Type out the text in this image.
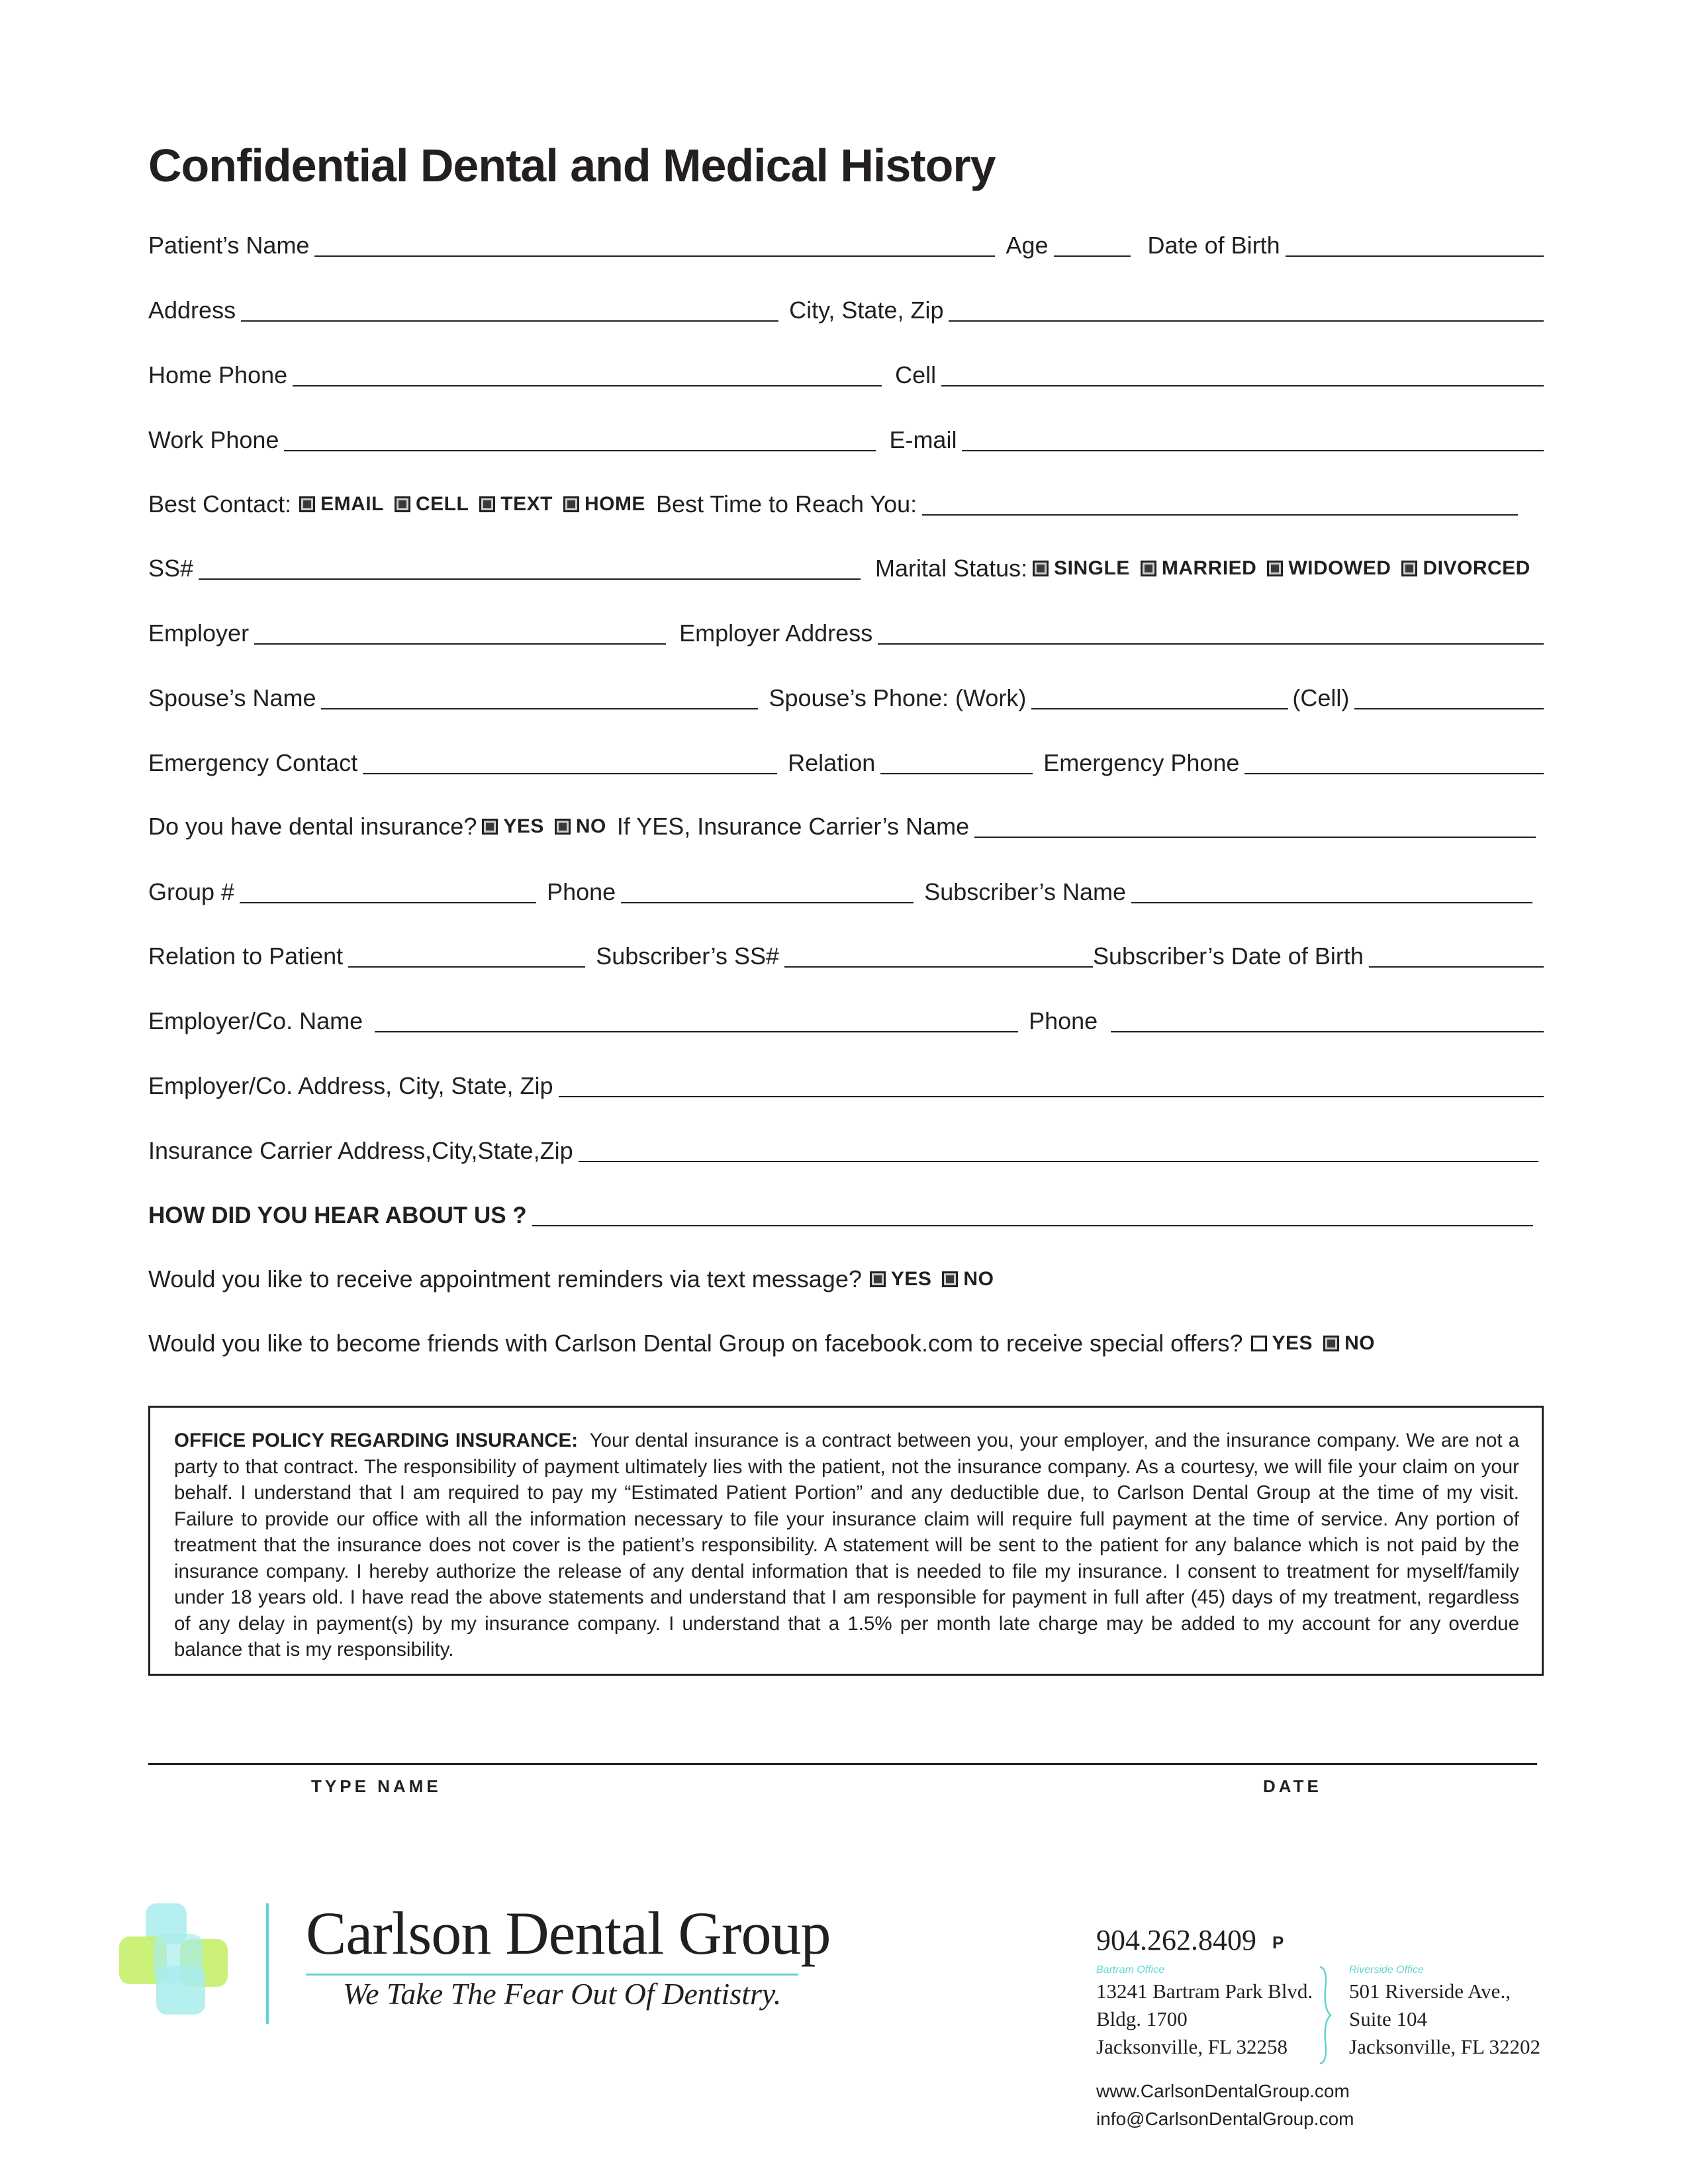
Confidential Dental and Medical History
Patient’s Name	Age	Date of Birth
Address	City, State, Zip
Home Phone	Cell
Work Phone	E-mail
Best Contact: EMAIL CELL TEXT HOME Best Time to Reach You:
SS#	Marital Status: SINGLE MARRIED WIDOWED DIVORCED
Employer	Employer Address
Spouse’s Name	Spouse’s Phone: (Work)	(Cell)
Emergency Contact	Relation	Emergency Phone
Do you have dental insurance? YES NO If YES, Insurance Carrier’s Name
Group #	Phone	Subscriber’s Name
Relation to Patient	Subscriber’s SS#	Subscriber’s Date of Birth
Employer/Co. Name	Phone
Employer/Co. Address, City, State, Zip
Insurance Carrier Address,City,State,Zip
HOW DID YOU HEAR ABOUT US ?
Would you like to receive appointment reminders via text message? YES NO
Would you like to become friends with Carlson Dental Group on facebook.com to receive special offers? YES NO
OFFICE POLICY REGARDING INSURANCE: Your dental insurance is a contract between you, your employer, and the insurance company. We are not a party to that contract. The responsibility of payment ultimately lies with the patient, not the insurance company. As a courtesy, we will file your claim on your behalf. I understand that I am required to pay my “Estimated Patient Portion” and any deductible due, to Carlson Dental Group at the time of my visit. Failure to provide our office with all the information necessary to file your insurance claim will require full payment at the time of service. Any portion of treatment that the insurance does not cover is the patient’s responsibility. A statement will be sent to the patient for any balance which is not paid by the insurance company. I hereby authorize the release of any dental information that is needed to file my insurance. I consent to treatment for myself/family under 18 years old. I have read the above statements and understand that I am responsible for payment in full after (45) days of my treatment, regardless of any delay in payment(s) by my insurance company. I understand that a 1.5% per month late charge may be added to my account for any overdue balance that is my responsibility.
TYPE NAME	DATE
Carlson Dental Group
We Take The Fear Out Of Dentistry.
904.262.8409 P
Bartram Office
13241 Bartram Park Blvd.
Bldg. 1700
Jacksonville, FL 32258
Riverside Office
501 Riverside Ave.,
Suite 104
Jacksonville, FL 32202
www.CarlsonDentalGroup.com
info@CarlsonDentalGroup.com
